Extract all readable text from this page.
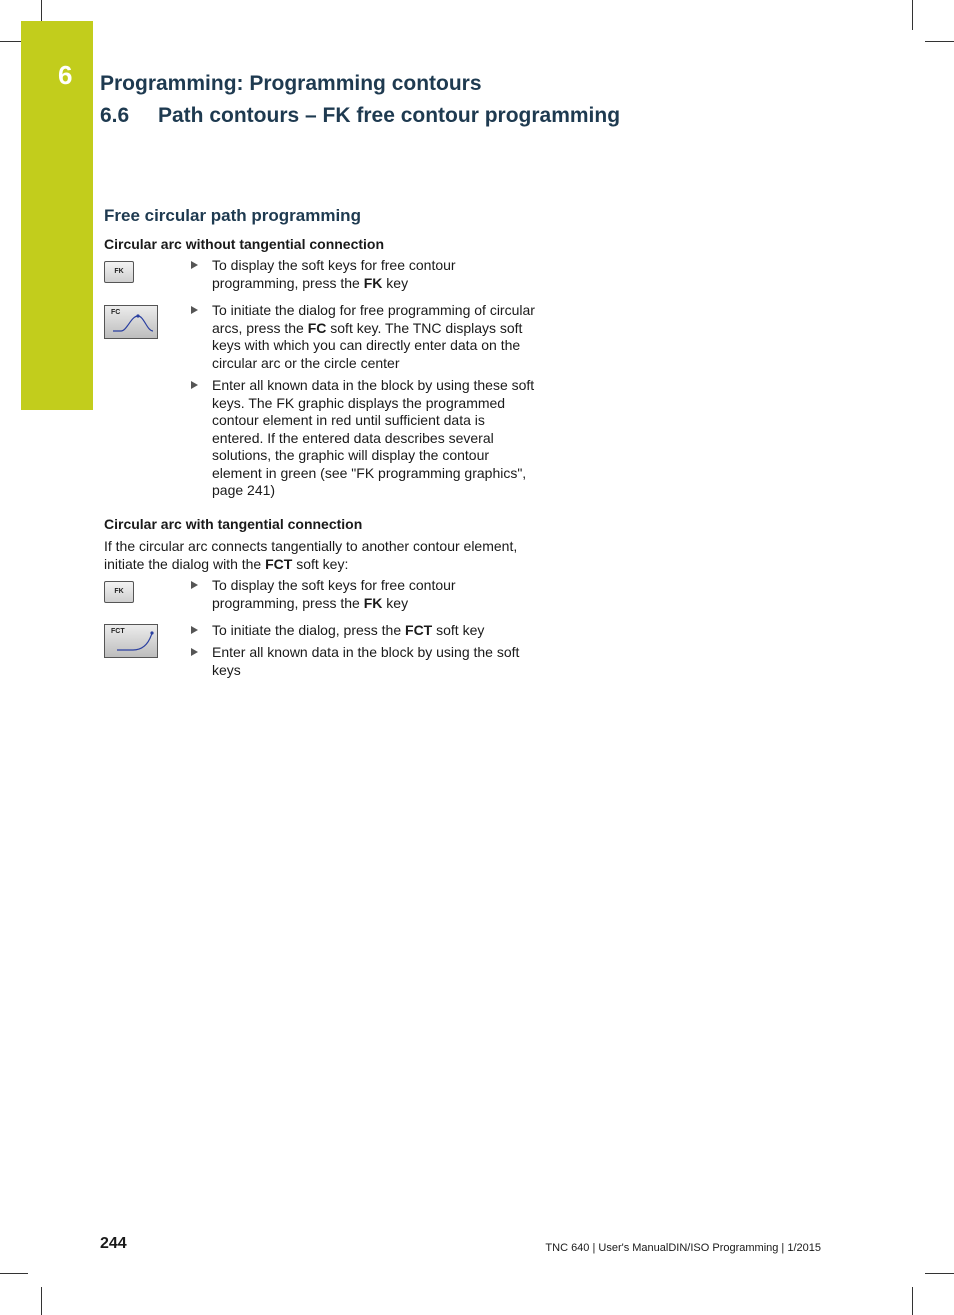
6 Programming: Programming contours
6.6 Path contours – FK free contour programming
Free circular path programming
Circular arc without tangential connection
FK	To display the soft keys for free contour programming, press the FK key
FC	To initiate the dialog for free programming of circular arcs, press the FC soft key. The TNC displays soft keys with which you can directly enter data on the circular arc or the circle center
Enter all known data in the block by using these soft keys. The FK graphic displays the programmed contour element in red until sufficient data is entered. If the entered data describes several solutions, the graphic will display the contour element in green (see "FK programming graphics", page 241)
Circular arc with tangential connection
If the circular arc connects tangentially to another contour element, initiate the dialog with the FCT soft key:
FK	To display the soft keys for free contour programming, press the FK key
FCT	To initiate the dialog, press the FCT soft key
Enter all known data in the block by using the soft keys
244	TNC 640 | User's ManualDIN/ISO Programming | 1/2015
